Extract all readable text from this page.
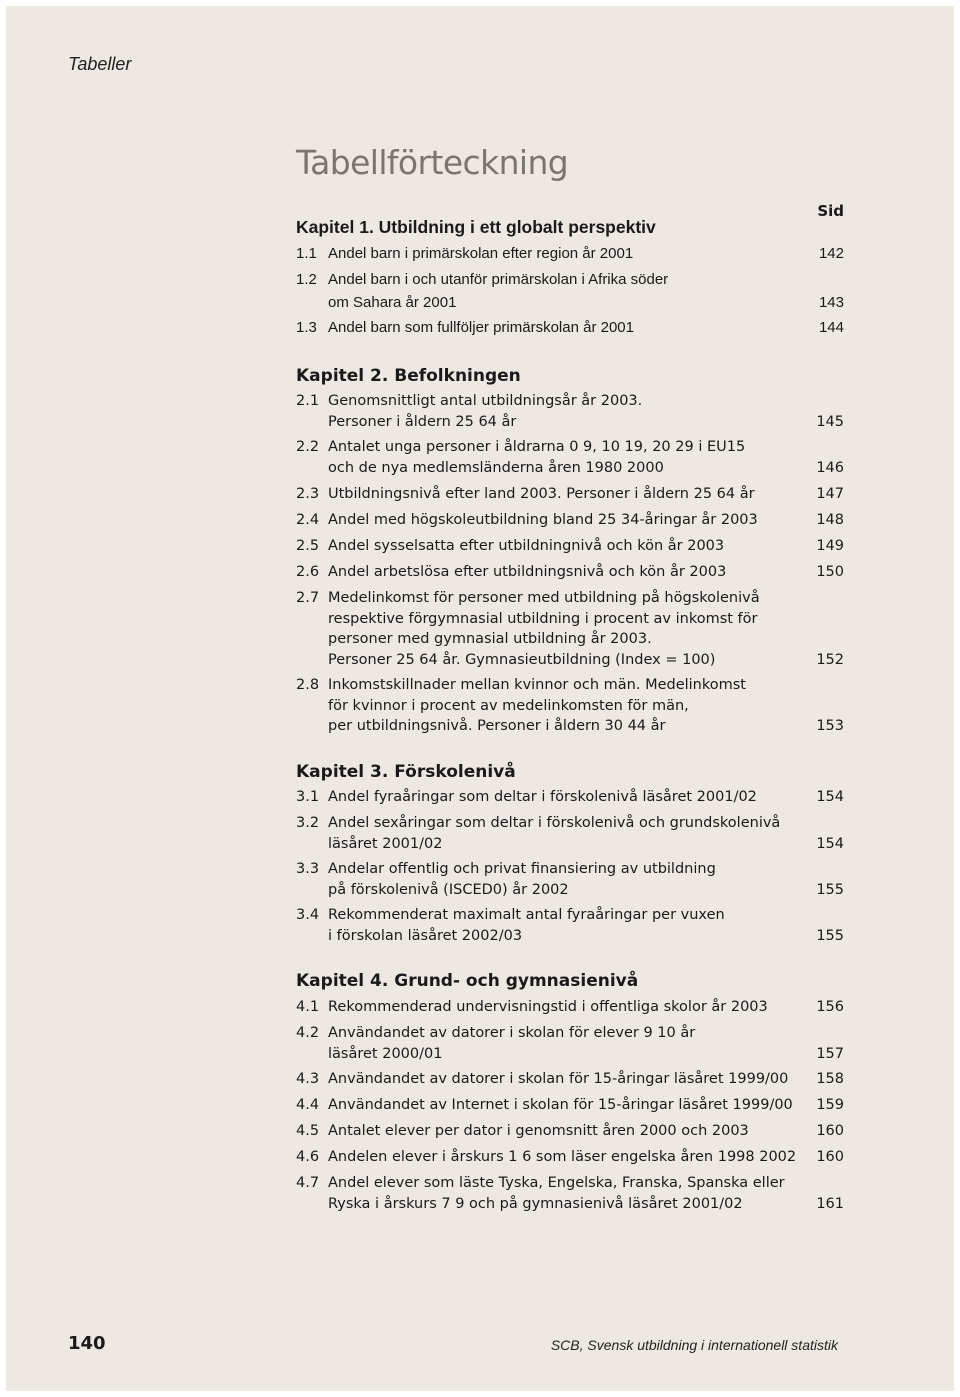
Tabeller
Tabellförteckning
Sid
Kapitel 1. Utbildning i ett globalt perspektiv
1.1 Andel barn i primärskolan efter region år 2001	142
1.2 Andel barn i och utanför primärskolan i Afrika söder
om Sahara år 2001	143
1.3 Andel barn som fullföljer primärskolan år 2001	144
Kapitel 2. Befolkningen
2.1 Genomsnittligt antal utbildningsår år 2003.
Personer i åldern 25 64 år	145
2.2 Antalet unga personer i åldrarna 0 9, 10 19, 20 29 i EU15
och de nya medlemsländerna åren 1980 2000	146
2.3 Utbildningsnivå efter land 2003. Personer i åldern 25 64 år	147
2.4 Andel med högskoleutbildning bland 25 34-åringar år 2003	148
2.5 Andel sysselsatta efter utbildningnivå och kön år 2003	149
2.6 Andel arbetslösa efter utbildningsnivå och kön år 2003	150
2.7 Medelinkomst för personer med utbildning på högskolenivå
respektive förgymnasial utbildning i procent av inkomst för
personer med gymnasial utbildning år 2003.
Personer 25 64 år. Gymnasieutbildning (Index = 100)	152
2.8 Inkomstskillnader mellan kvinnor och män. Medelinkomst
för kvinnor i procent av medelinkomsten för män,
per utbildningsnivå. Personer i åldern 30 44 år	153
Kapitel 3. Förskolenivå
3.1 Andel fyraåringar som deltar i förskolenivå läsåret 2001/02	154
3.2 Andel sexåringar som deltar i förskolenivå och grundskolenivå
läsåret 2001/02	154
3.3 Andelar offentlig och privat finansiering av utbildning
på förskolenivå (ISCED0) år 2002	155
3.4 Rekommenderat maximalt antal fyraåringar per vuxen
i förskolan läsåret 2002/03	155
Kapitel 4. Grund- och gymnasienivå
4.1 Rekommenderad undervisningstid i offentliga skolor år 2003	156
4.2 Användandet av datorer i skolan för elever 9 10 år
läsåret 2000/01	157
4.3 Användandet av datorer i skolan för 15-åringar läsåret 1999/00 158
4.4 Användandet av Internet i skolan för 15-åringar läsåret 1999/00 159
4.5 Antalet elever per dator i genomsnitt åren 2000 och 2003	160
4.6 Andelen elever i årskurs 1 6 som läser engelska åren 1998 2002 160
4.7 Andel elever som läste Tyska, Engelska, Franska, Spanska eller
Ryska i årskurs 7 9 och på gymnasienivå läsåret 2001/02	161
140	SCB, Svensk utbildning i internationell statistik
